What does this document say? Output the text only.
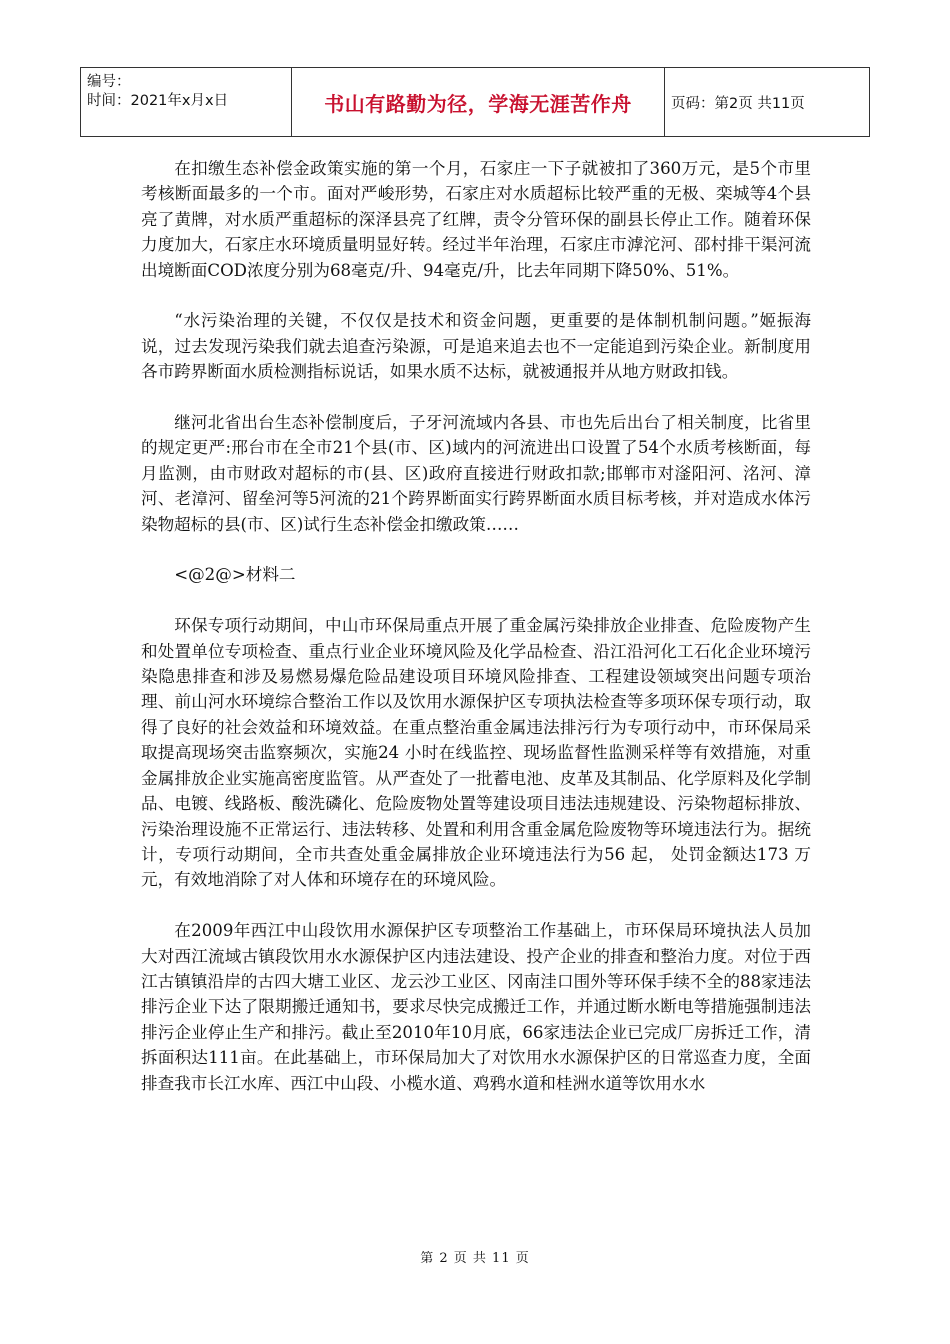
编号：
时间：2021年x月x日	书山有路勤为径，学海无涯苦作舟	页码：第2页 共11页

在扣缴生态补偿金政策实施的第一个月，石家庄一下子就被扣了360万元，是5个市里考核断面最多的一个市。面对严峻形势，石家庄对水质超标比较严重的无极、栾城等4个县亮了黄牌，对水质严重超标的深泽县亮了红牌，责令分管环保的副县长停止工作。随着环保力度加大，石家庄水环境质量明显好转。经过半年治理，石家庄市滹沱河、邵村排干渠河流出境断面COD浓度分别为68毫克/升、94毫克/升，比去年同期下降50%、51%。

“水污染治理的关键，不仅仅是技术和资金问题，更重要的是体制机制问题。”姬振海说，过去发现污染我们就去追查污染源，可是追来追去也不一定能追到污染企业。新制度用各市跨界断面水质检测指标说话，如果水质不达标，就被通报并从地方财政扣钱。

继河北省出台生态补偿制度后，子牙河流域内各县、市也先后出台了相关制度，比省里的规定更严:邢台市在全市21个县(市、区)域内的河流进出口设置了54个水质考核断面，每月监测，由市财政对超标的市(县、区)政府直接进行财政扣款;邯郸市对滏阳河、洺河、漳河、老漳河、留垒河等5河流的21个跨界断面实行跨界断面水质目标考核，并对造成水体污染物超标的县(市、区)试行生态补偿金扣缴政策……

<@2@>材料二

环保专项行动期间，中山市环保局重点开展了重金属污染排放企业排查、危险废物产生和处置单位专项检查、重点行业企业环境风险及化学品检查、沿江沿河化工石化企业环境污染隐患排查和涉及易燃易爆危险品建设项目环境风险排查、工程建设领域突出问题专项治理、前山河水环境综合整治工作以及饮用水源保护区专项执法检查等多项环保专项行动，取得了良好的社会效益和环境效益。在重点整治重金属违法排污行为专项行动中，市环保局采取提高现场突击监察频次，实施24 小时在线监控、现场监督性监测采样等有效措施，对重金属排放企业实施高密度监管。从严查处了一批蓄电池、皮革及其制品、化学原料及化学制品、电镀、线路板、酸洗磷化、危险废物处置等建设项目违法违规建设、污染物超标排放、污染治理设施不正常运行、违法转移、处置和利用含重金属危险废物等环境违法行为。据统计，专项行动期间，全市共查处重金属排放企业环境违法行为56 起， 处罚金额达173 万元，有效地消除了对人体和环境存在的环境风险。

在2009年西江中山段饮用水源保护区专项整治工作基础上，市环保局环境执法人员加大对西江流域古镇段饮用水水源保护区内违法建设、投产企业的排查和整治力度。对位于西江古镇镇沿岸的古四大塘工业区、龙云沙工业区、冈南洼口围外等环保手续不全的88家违法排污企业下达了限期搬迁通知书，要求尽快完成搬迁工作，并通过断水断电等措施强制违法排污企业停止生产和排污。截止至2010年10月底，66家违法企业已完成厂房拆迁工作，清拆面积达111亩。在此基础上，市环保局加大了对饮用水水源保护区的日常巡查力度，全面排查我市长江水库、西江中山段、小榄水道、鸡鸦水道和桂洲水道等饮用水水

第 2 页 共 11 页
